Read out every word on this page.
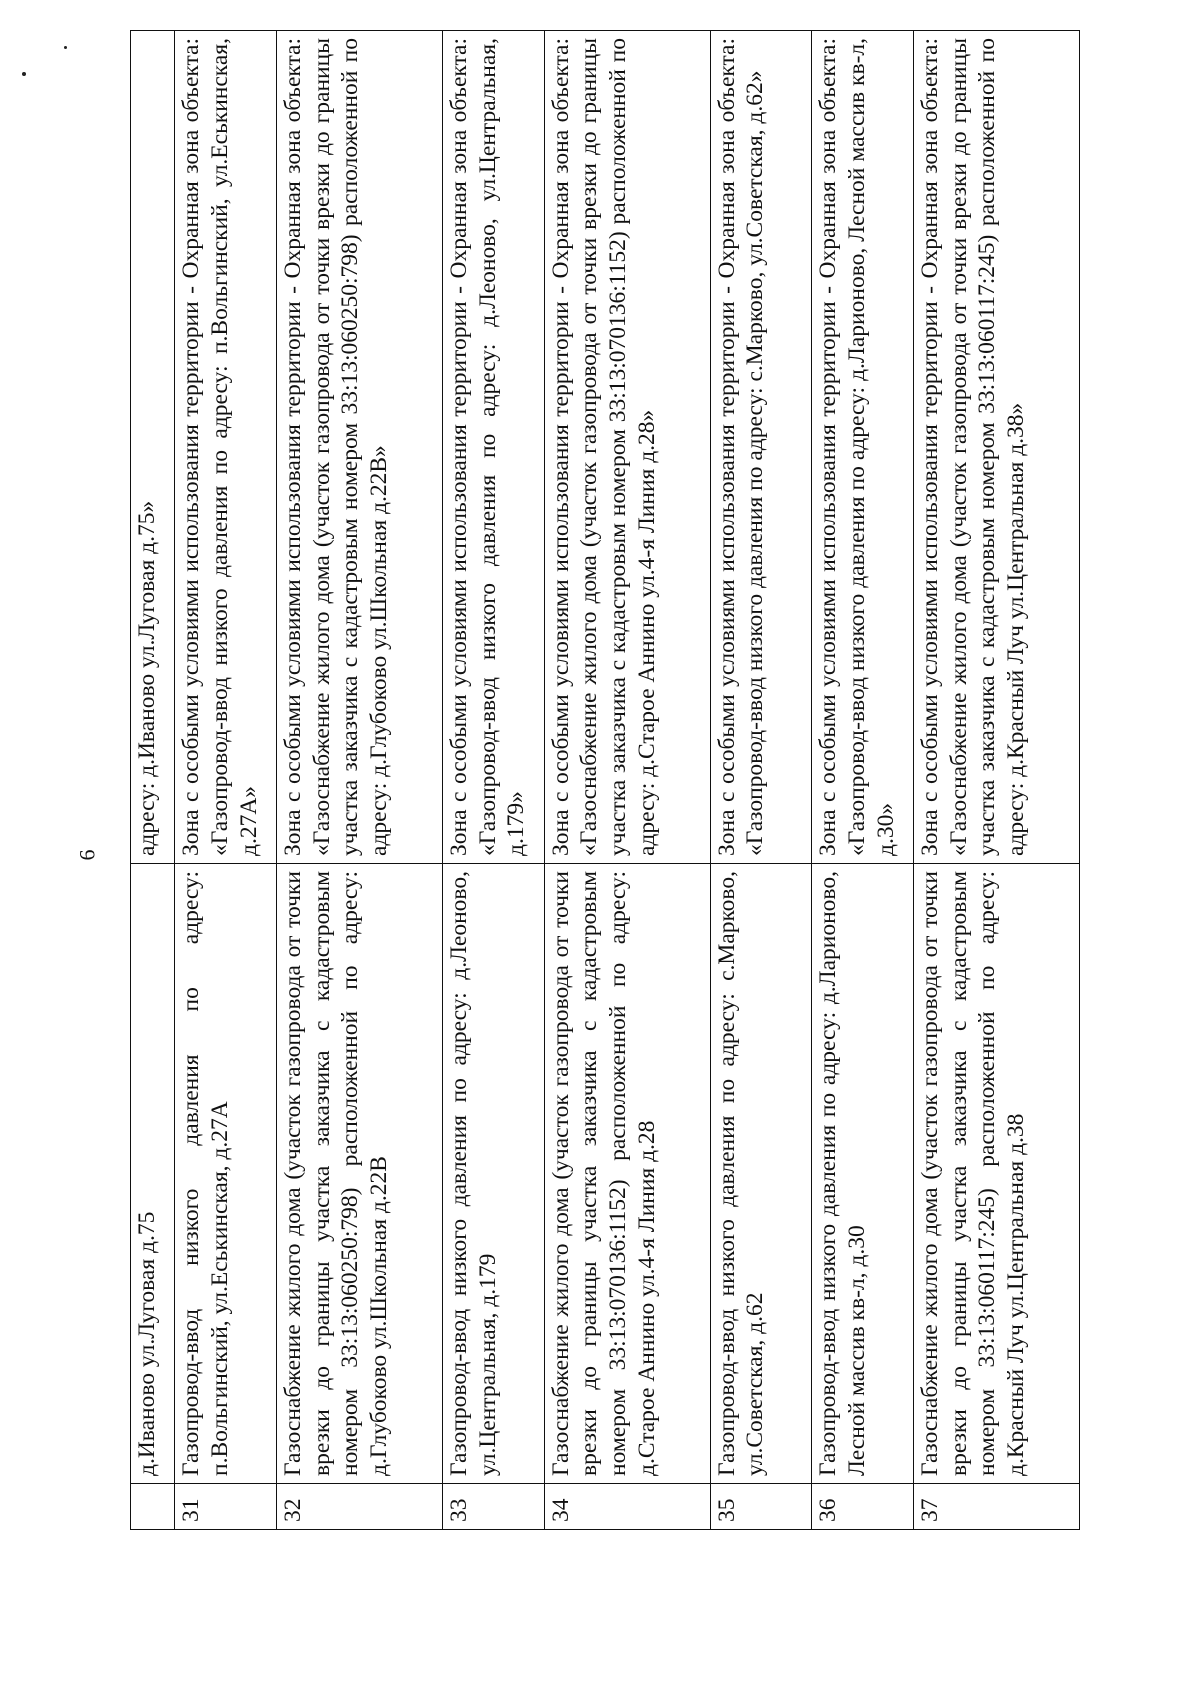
6
	д.Иваново ул.Луговая д.75	адресу: д.Иваново ул.Луговая д.75»
31	Газопровод-ввод низкого давления по адресу: п.Вольгинский, ул.Еськинская, д.27А	Зона с особыми условиями использования территории - Охранная зона объекта: «Газопровод-ввод низкого давления по адресу: п.Вольгинский, ул.Еськинская, д.27А»
32	Газоснабжение жилого дома (участок газопровода от точки врезки до границы участка заказчика с кадастровым номером 33:13:060250:798) расположенной по адресу: д.Глубоково ул.Школьная д.22В	Зона с особыми условиями использования территории - Охранная зона объекта: «Газоснабжение жилого дома (участок газопровода от точки врезки до границы участка заказчика с кадастровым номером 33:13:060250:798) расположенной по адресу: д.Глубоково ул.Школьная д.22В»
33	Газопровод-ввод низкого давления по адресу: д.Леоново, ул.Центральная, д.179	Зона с особыми условиями использования территории - Охранная зона объекта: «Газопровод-ввод низкого давления по адресу: д.Леоново, ул.Центральная, д.179»
34	Газоснабжение жилого дома (участок газопровода от точки врезки до границы участка заказчика с кадастровым номером 33:13:070136:1152) расположенной по адресу: д.Старое Аннино ул.4-я Линия д.28	Зона с особыми условиями использования территории - Охранная зона объекта: «Газоснабжение жилого дома (участок газопровода от точки врезки до границы участка заказчика с кадастровым номером 33:13:070136:1152) расположенной по адресу: д.Старое Аннино ул.4-я Линия д.28»
35	Газопровод-ввод низкого давления по адресу: с.Марково, ул.Советская, д.62	Зона с особыми условиями использования территории - Охранная зона объекта: «Газопровод-ввод низкого давления по адресу: с.Марково, ул.Советская, д.62»
36	Газопровод-ввод низкого давления по адресу: д.Ларионово, Лесной массив кв-л, д.30	Зона с особыми условиями использования территории - Охранная зона объекта: «Газопровод-ввод низкого давления по адресу: д.Ларионово, Лесной массив кв-л, д.30»
37	Газоснабжение жилого дома (участок газопровода от точки врезки до границы участка заказчика с кадастровым номером 33:13:060117:245) расположенной по адресу: д.Красный Луч ул.Центральная д.38	Зона с особыми условиями использования территории - Охранная зона объекта: «Газоснабжение жилого дома (участок газопровода от точки врезки до границы участка заказчика с кадастровым номером 33:13:060117:245) расположенной по адресу: д.Красный Луч ул.Центральная д.38»
